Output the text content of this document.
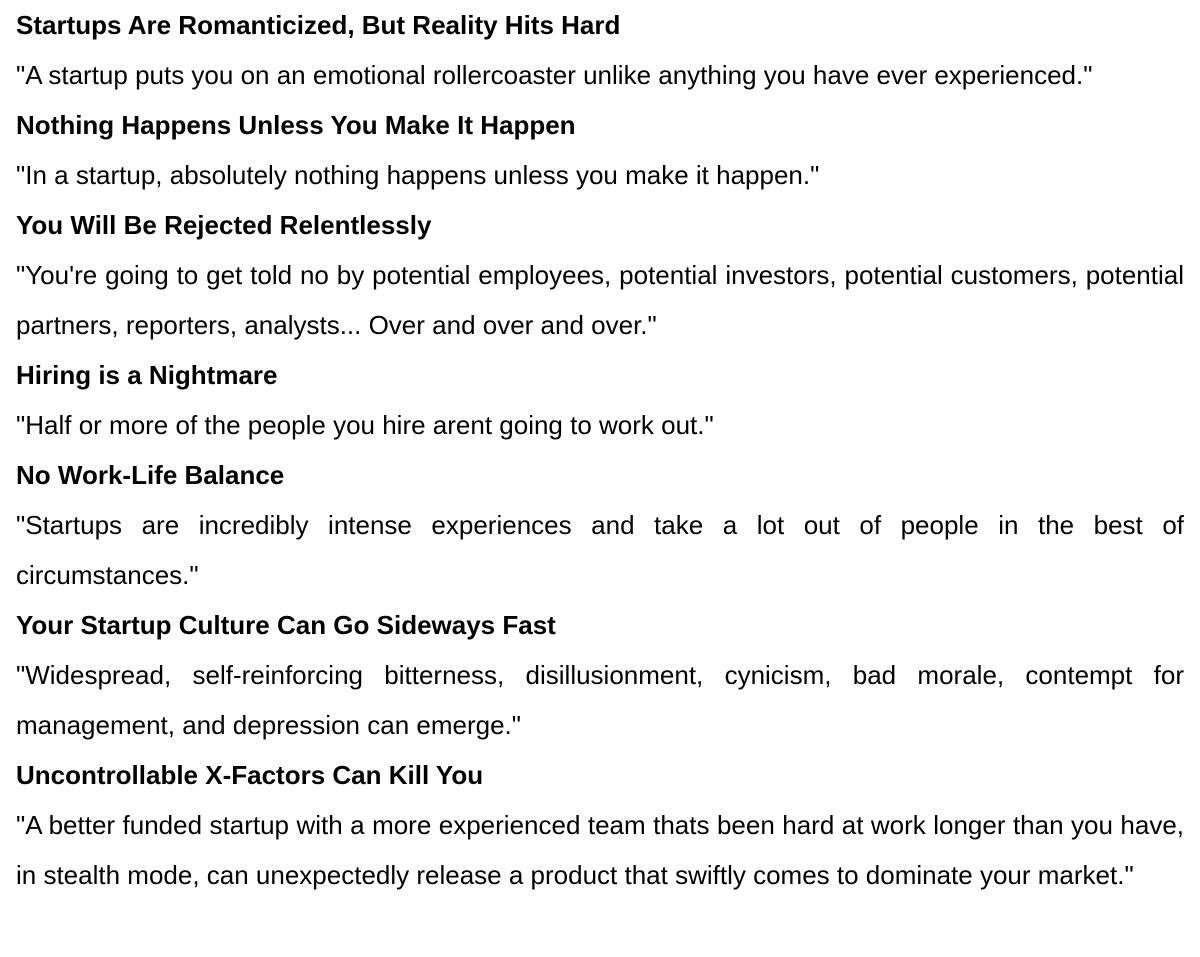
Startups Are Romanticized, But Reality Hits Hard

"A startup puts you on an emotional rollercoaster unlike anything you have ever experienced."

Nothing Happens Unless You Make It Happen

"In a startup, absolutely nothing happens unless you make it happen."

You Will Be Rejected Relentlessly

"You're going to get told no by potential employees, potential investors, potential customers, potential partners, reporters, analysts... Over and over and over."

Hiring is a Nightmare

"Half or more of the people you hire arent going to work out."

No Work-Life Balance

"Startups are incredibly intense experiences and take a lot out of people in the best of circumstances."

Your Startup Culture Can Go Sideways Fast

"Widespread, self-reinforcing bitterness, disillusionment, cynicism, bad morale, contempt for management, and depression can emerge."

Uncontrollable X-Factors Can Kill You

"A better funded startup with a more experienced team thats been hard at work longer than you have, in stealth mode, can unexpectedly release a product that swiftly comes to dominate your market."
